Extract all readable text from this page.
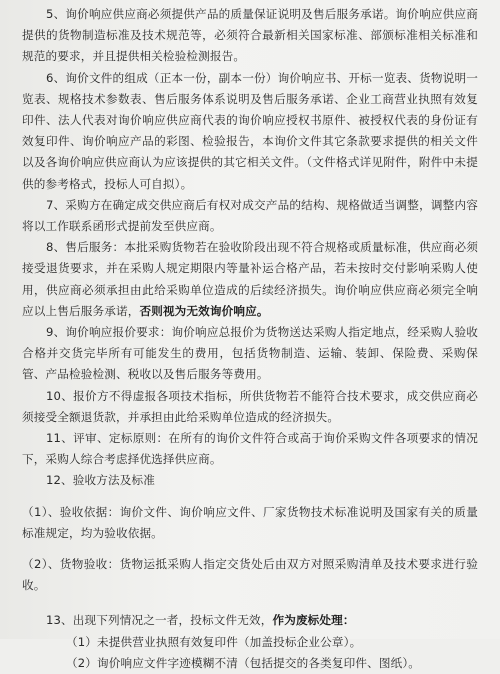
5、询价响应供应商必须提供产品的质量保证说明及售后服务承诺。询价响应供应商提供的货物制造标准及技术规范等，必须符合最新相关国家标准、部颁标准相关标准和规范的要求，并且提供相关检验检测报告。

6、询价文件的组成（正本一份，副本一份）询价响应书、开标一览表、货物说明一览表、规格技术参数表、售后服务体系说明及售后服务承诺、企业工商营业执照有效复印件、法人代表对询价响应供应商代表的询价响应授权书原件、被授权代表的身份证有效复印件、询价响应产品的彩图、检验报告，本询价文件其它条款要求提供的相关文件以及各询价响应供应商认为应该提供的其它相关文件。（文件格式详见附件，附件中未提供的参考格式，投标人可自拟）。

7、采购方在确定成交供应商后有权对成交产品的结构、规格做适当调整，调整内容将以工作联系函形式提前发至供应商。

8、售后服务：本批采购货物若在验收阶段出现不符合规格或质量标准，供应商必须接受退货要求，并在采购人规定期限内等量补运合格产品，若未按时交付影响采购人使用，供应商必须承担由此给采购单位造成的后续经济损失。询价响应供应商必须完全响应以上售后服务承诺，否则视为无效询价响应。

9、询价响应报价要求：询价响应总报价为货物送达采购人指定地点，经采购人验收合格并交货完毕所有可能发生的费用，包括货物制造、运输、装卸、保险费、采购保管、产品检验检测、税收以及售后服务等费用。

10、报价方不得虚报各项技术指标，所供货物若不能符合技术要求，成交供应商必须接受全额退货款，并承担由此给采购单位造成的经济损失。

11、评审、定标原则：在所有的询价文件符合或高于询价采购文件各项要求的情况下，采购人综合考虑择优选择供应商。

12、验收方法及标准

（1）、验收依据：询价文件、询价响应文件、厂家货物技术标准说明及国家有关的质量标准规定，均为验收依据。

（2）、货物验收：货物运抵采购人指定交货处后由双方对照采购清单及技术要求进行验收。

13、出现下列情况之一者，投标文件无效，作为废标处理：

（1）未提供营业执照有效复印件（加盖投标企业公章）。

（2）询价响应文件字迹模糊不清（包括提交的各类复印件、图纸）。
